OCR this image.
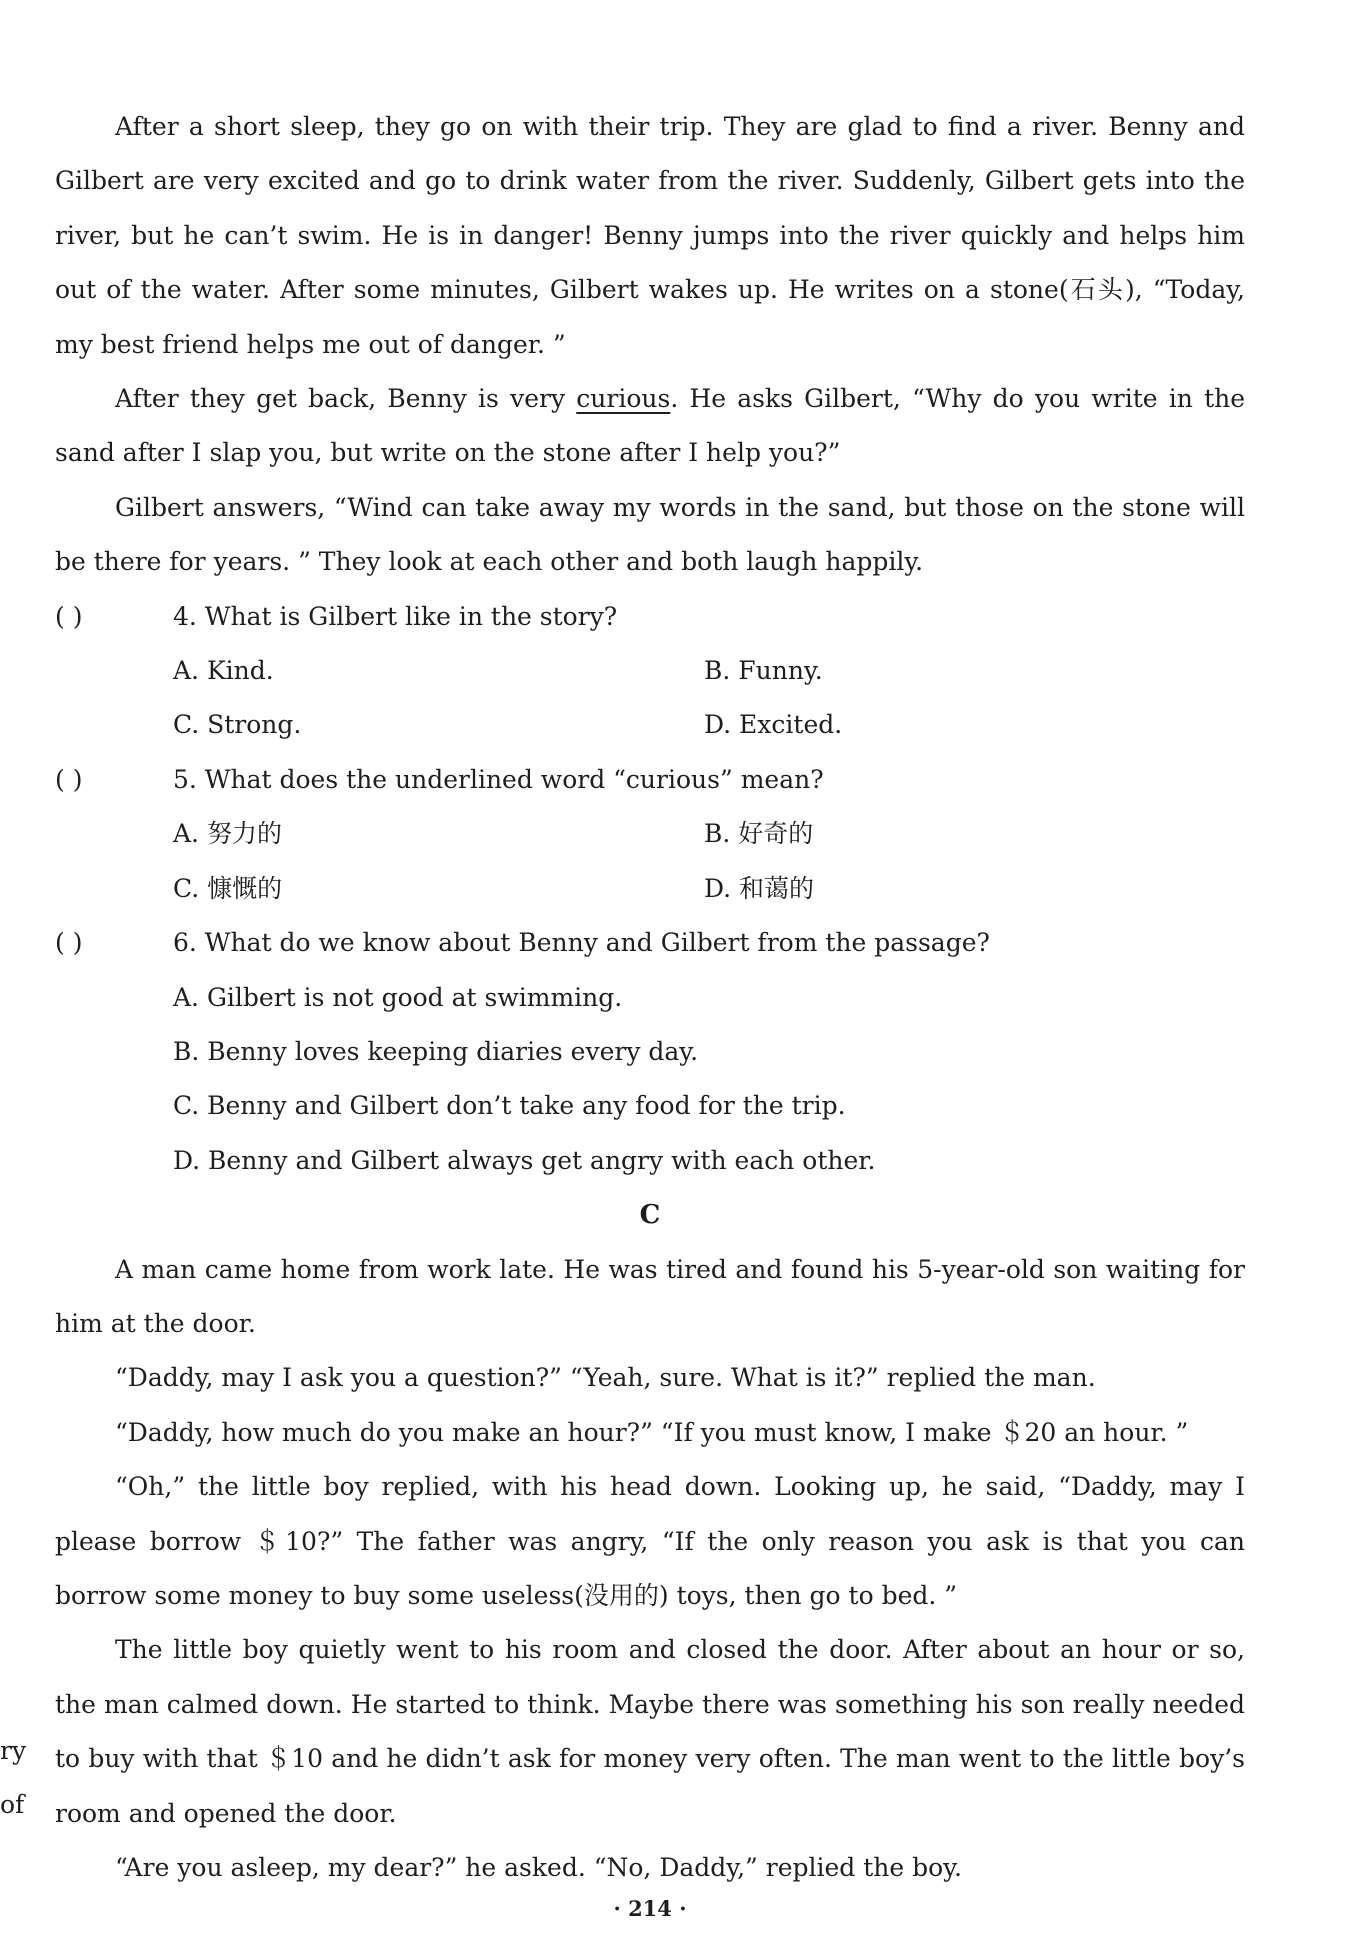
After a short sleep, they go on with their trip. They are glad to find a river. Benny and Gilbert are very excited and go to drink water from the river. Suddenly, Gilbert gets into the river, but he can’t swim. He is in danger! Benny jumps into the river quickly and helps him out of the water. After some minutes, Gilbert wakes up. He writes on a stone(石头), “Today, my best friend helps me out of danger. ”

After they get back, Benny is very curious. He asks Gilbert, “Why do you write in the sand after I slap you, but write on the stone after I help you?”

Gilbert answers, “Wind can take away my words in the sand, but those on the stone will be there for years. ” They look at each other and both laugh happily.

( )	4. What is Gilbert like in the story?
A. Kind.	B. Funny.
C. Strong.	D. Excited.
( )	5. What does the underlined word “curious” mean?
A. 努力的	B. 好奇的
C. 慷慨的	D. 和蔼的
( )	6. What do we know about Benny and Gilbert from the passage?

A. Gilbert is not good at swimming.

B. Benny loves keeping diaries every day.

C. Benny and Gilbert don’t take any food for the trip.

D. Benny and Gilbert always get angry with each other.

C

A man came home from work late. He was tired and found his 5-year-old son waiting for him at the door.

“Daddy, may I ask you a question?” “Yeah, sure. What is it?” replied the man.

“Daddy, how much do you make an hour?” “If you must know, I make ＄20 an hour. ”

“Oh,” the little boy replied, with his head down. Looking up, he said, “Daddy, may I please borrow ＄10?” The father was angry, “If the only reason you ask is that you can borrow some money to buy some useless(没用的) toys, then go to bed. ”

The little boy quietly went to his room and closed the door. After about an hour or so, the man calmed down. He started to think. Maybe there was something his son really needed to buy with that ＄10 and he didn’t ask for money very often. The man went to the little boy’s room and opened the door.

“Are you asleep, my dear?” he asked. “No, Daddy,” replied the boy.

ry
of
· 214 ·
